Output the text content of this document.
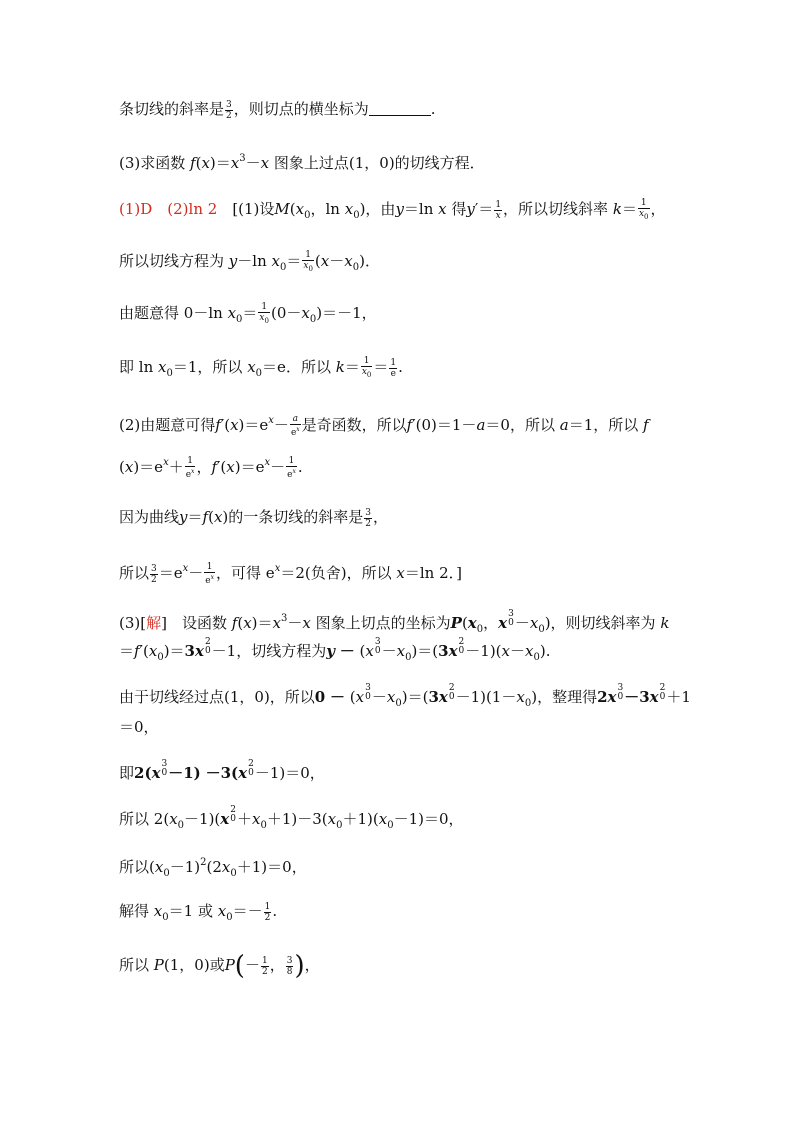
条切线的斜率是 $\frac{3}{2}$ ，则切点的横坐标为	.
(3)求函数 $f(x)=x^3-x$ 图象上过点(1，0)的切线方程．
(1)D　(2)ln 2　 [(1)设$M(x_0$，$\ln x_0$)，由y＝ln x 得$y'= \frac{1}{x}$ ，所以切线斜率 $k= \frac{1}{x_0}$ ，
所以切线方程为 y－ln $x_0= \frac{1}{x_0} (x-x_0)$．
由题意得 0－ln $x_0= \frac{1}{x_0} (0-x_0)=-1$，
即 $\ln x_0=1$，所以 $x_0=e$．所以 $k= \frac{1}{x_0} = \frac{1}{e}$ .
(2)由题意可得$f'(x)=e^x- \frac{a}{e^x}$ 是奇函数，所以f′(0)＝1－a＝0，所以 a＝1，所以 f
$(x)=e^x+ \frac{1}{e^x}$ ，$f'(x)=e^x- \frac{1}{e^x}$ .
因为曲线y＝f(x)的一条切线的斜率是 $\frac{3}{2}$ ，
所以 $\frac{3}{2} =e^x- \frac{1}{e^x}$ ，可得 $e^x=2$(负舍)，所以 x＝ln 2．]
(3)[解]　设函数 $f(x)=x^3-x$ 图象上切点的坐标为$P(x_0$，x 3
$0 -x_0$)，则切线斜率为 k
$=f'(x_0)=3x$ 2
0 －1，切线方程为y － (x 3
$0 -x_0)=(3x$ 2
$0 -1)(x-x_0)$.
由于切线经过点(1，0)，所以0 － (x 3
$0 -x_0)=(3x$ 2
$0 -1)(1-x_0)$，整理得2x 3
0 －3x 2
0 ＋1
＝0，
即2(x 3
0 －1) －3(x 2
0 －1)＝0，
所以 $2(x_0-1)(x$ 2
$0 +x_0+1)-3(x_0+1)(x_0-1)=0$，
所以$(x_0-1)^2(2x_0+1)=0$，
解得 $x_0=1$ 或 $x_0=- \frac{1}{2}$ .
所以 P(1，0)或$P(- \frac{1}{2}$ ， $\frac{3}{8}$ )，
